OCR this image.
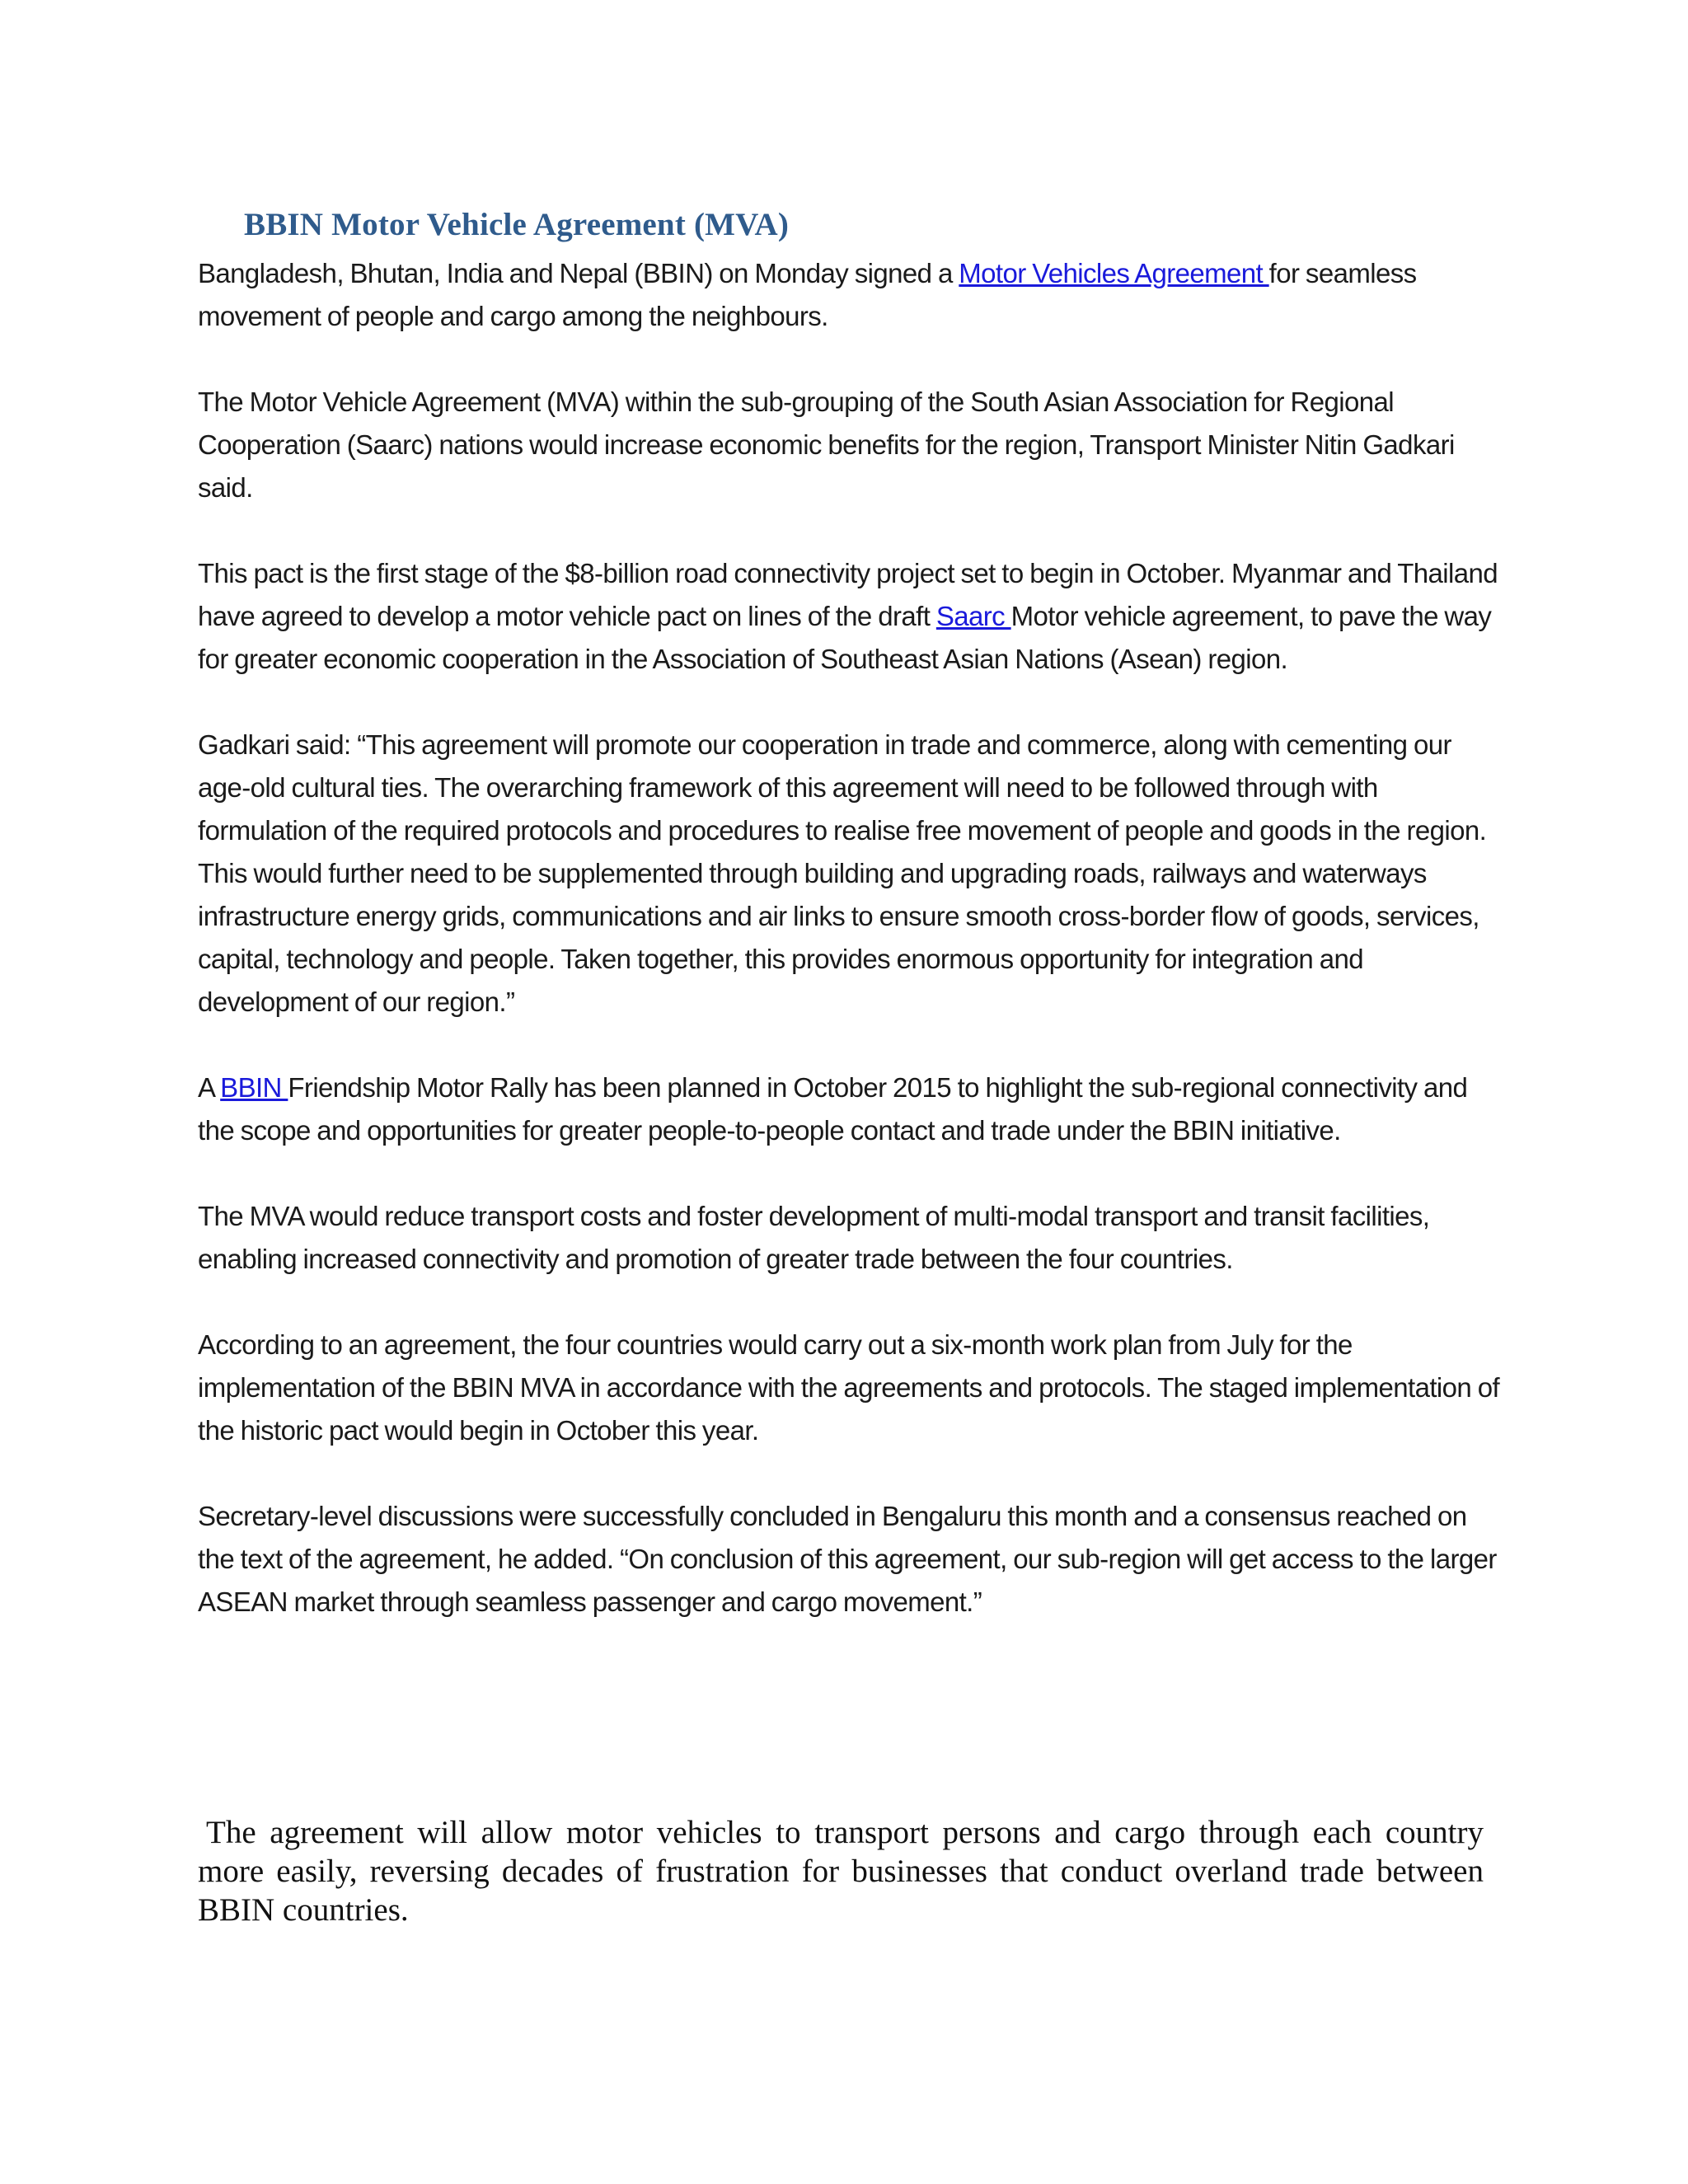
BBIN Motor Vehicle Agreement (MVA)

Bangladesh, Bhutan, India and Nepal (BBIN) on Monday signed a Motor Vehicles Agreement for seamless movement of people and cargo among the neighbours.

The Motor Vehicle Agreement (MVA) within the sub-grouping of the South Asian Association for Regional Cooperation (Saarc) nations would increase economic benefits for the region, Transport Minister Nitin Gadkari said.

This pact is the first stage of the $8-billion road connectivity project set to begin in October. Myanmar and Thailand have agreed to develop a motor vehicle pact on lines of the draft Saarc Motor vehicle agreement, to pave the way for greater economic cooperation in the Association of Southeast Asian Nations (Asean) region.

Gadkari said: “This agreement will promote our cooperation in trade and commerce, along with cementing our age-old cultural ties. The overarching framework of this agreement will need to be followed through with formulation of the required protocols and procedures to realise free movement of people and goods in the region. This would further need to be supplemented through building and upgrading roads, railways and waterways infrastructure energy grids, communications and air links to ensure smooth cross-border flow of goods, services, capital, technology and people. Taken together, this provides enormous opportunity for integration and development of our region.”

A BBIN Friendship Motor Rally has been planned in October 2015 to highlight the sub-regional connectivity and the scope and opportunities for greater people-to-people contact and trade under the BBIN initiative.

The MVA would reduce transport costs and foster development of multi-modal transport and transit facilities, enabling increased connectivity and promotion of greater trade between the four countries.

According to an agreement, the four countries would carry out a six-month work plan from July for the implementation of the BBIN MVA in accordance with the agreements and protocols. The staged implementation of the historic pact would begin in October this year.

Secretary-level discussions were successfully concluded in Bengaluru this month and a consensus reached on the text of the agreement, he added. “On conclusion of this agreement, our sub-region will get access to the larger ASEAN market through seamless passenger and cargo movement.”

The agreement will allow motor vehicles to transport persons and cargo through each country more easily, reversing decades of frustration for businesses that conduct overland trade between BBIN countries.
